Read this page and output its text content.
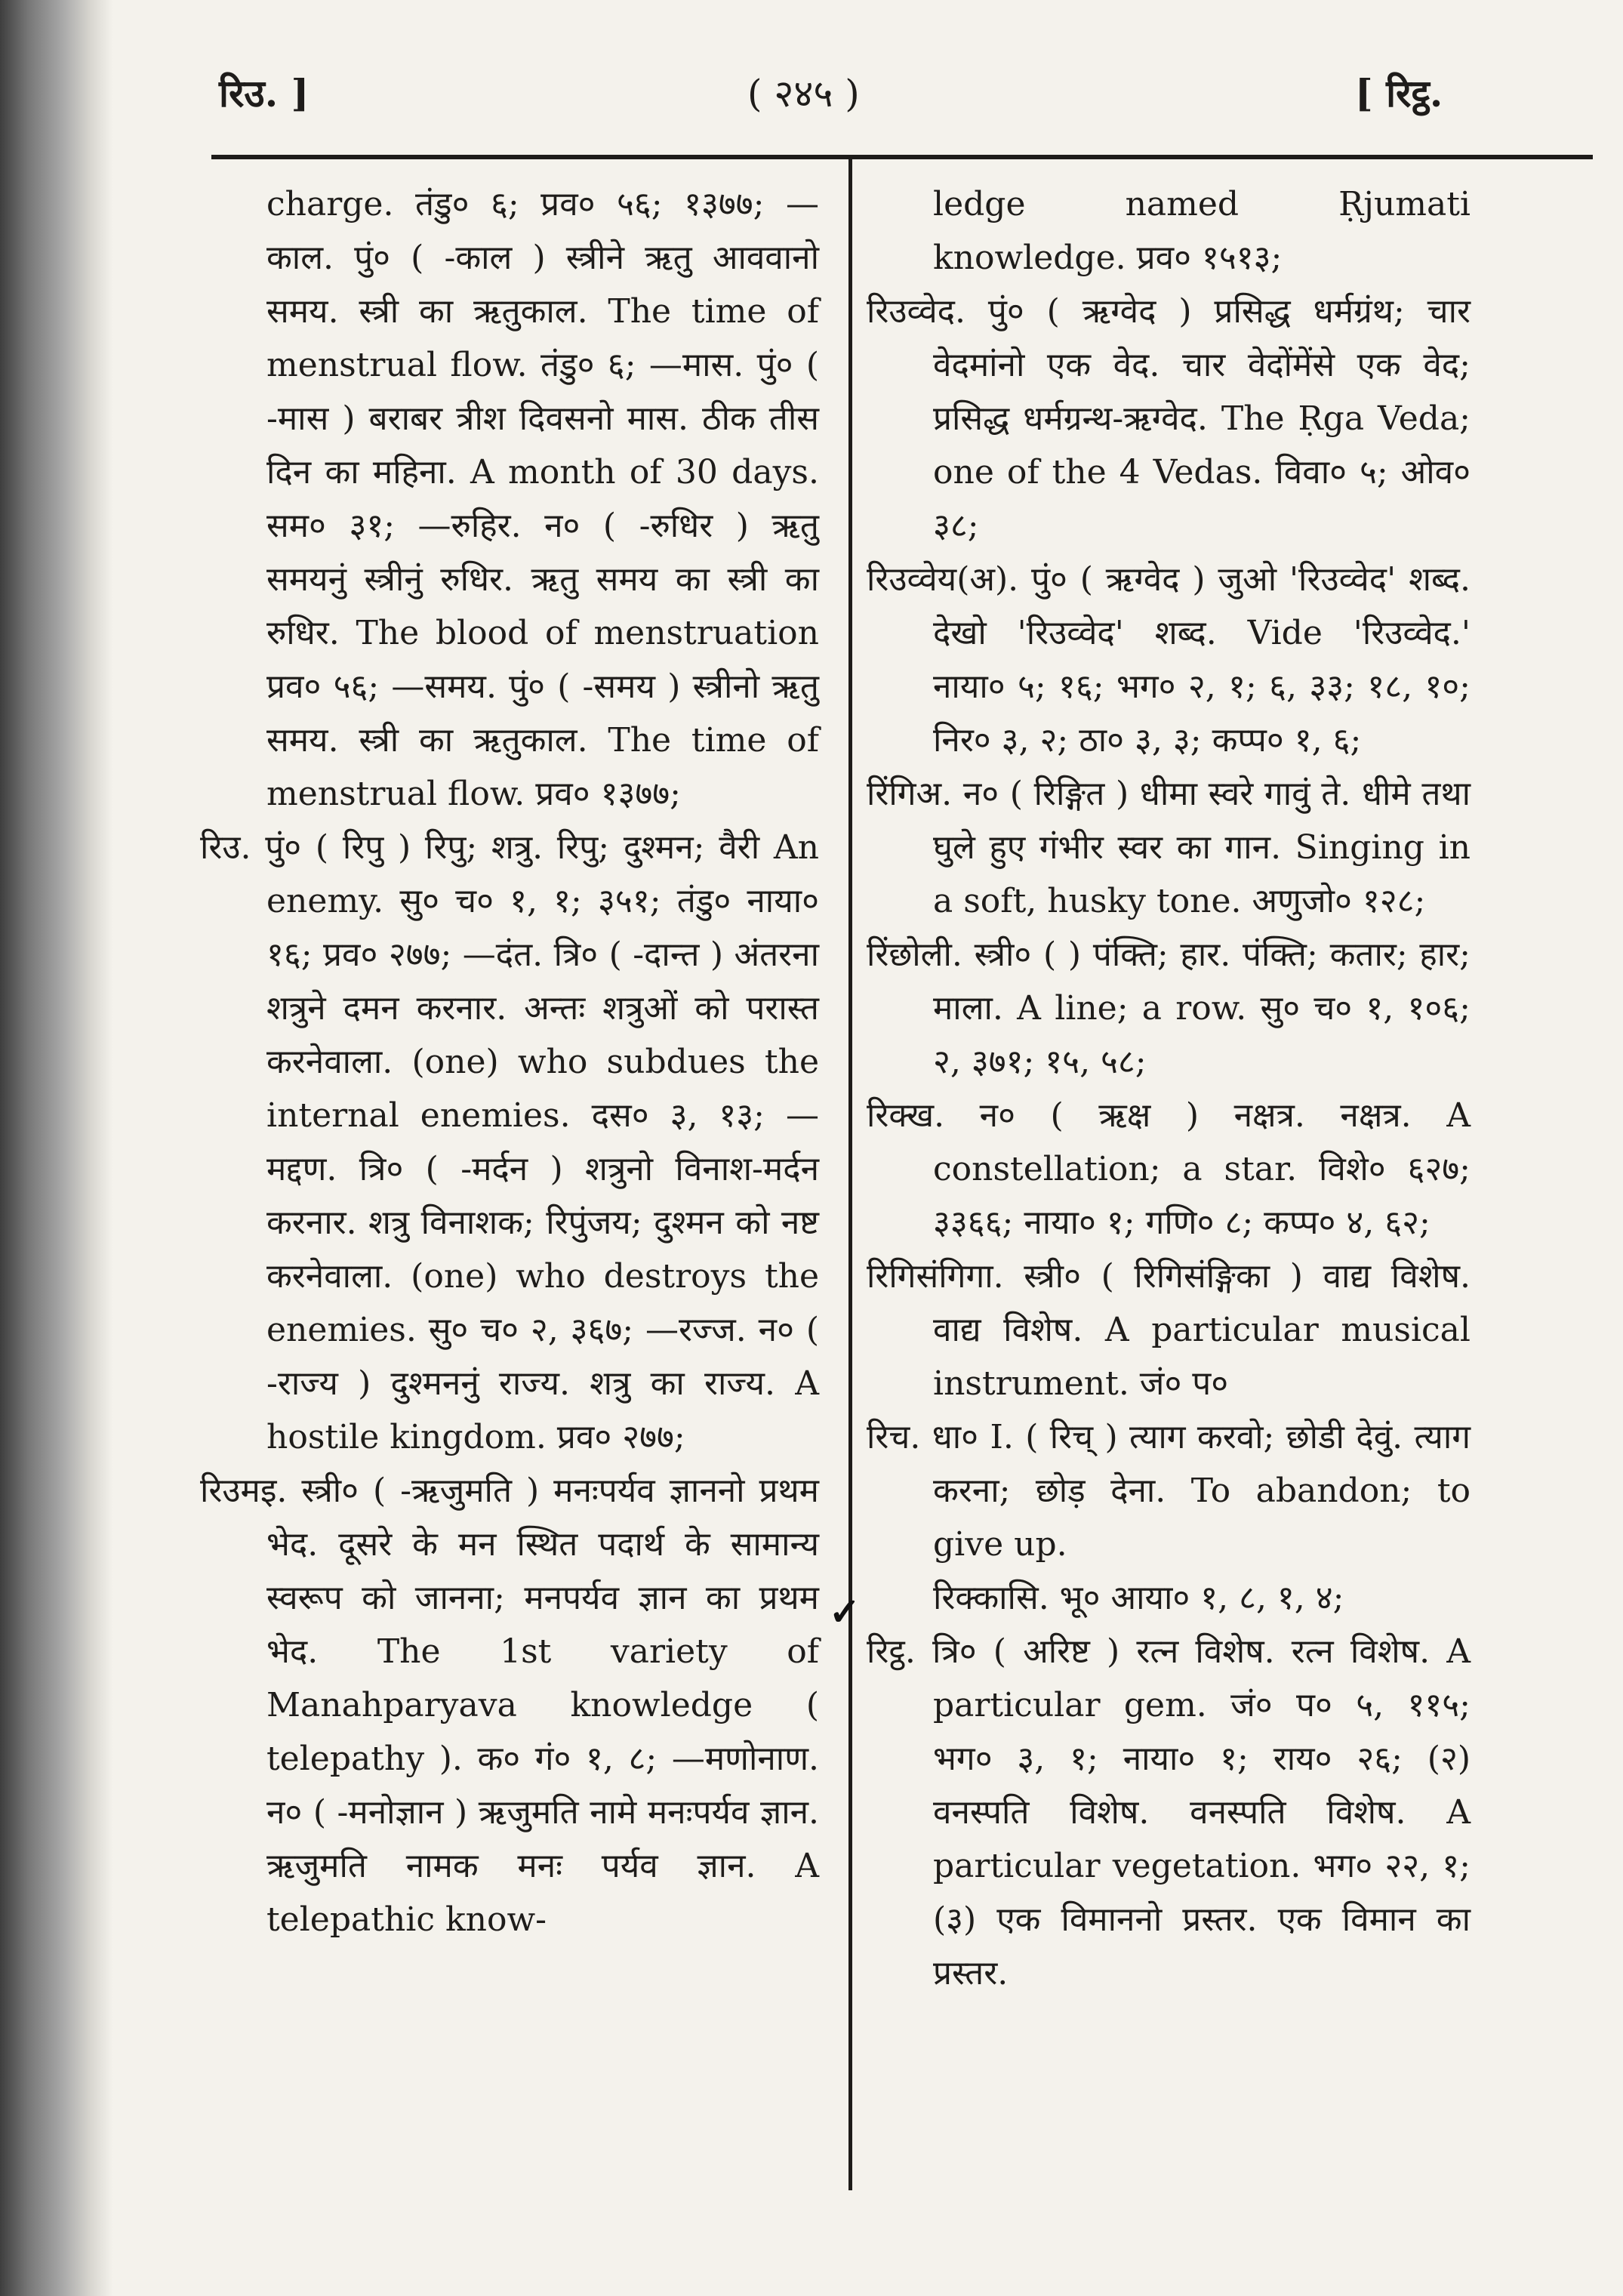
रिउ. ]	( २४५ )	[ रिट्ठ.

charge. तंडु० ६; प्रव० ५६; १३७७; —काल. पुं० ( -काल ) स्त्रीने ऋतु आववानो समय. स्त्री का ऋतुकाल. The time of menstrual flow. तंडु० ६; —मास. पुं० ( -मास ) बराबर त्रीश दिवसनो मास. ठीक तीस दिन का महिना. A month of 30 days. सम० ३१; —रुहिर. न० ( -रुधिर ) ऋतु समयनुं स्त्रीनुं रुधिर. ऋतु समय का स्त्री का रुधिर. The blood of menstruation प्रव० ५६; —समय. पुं० ( -समय ) स्त्रीनो ऋतु समय. स्त्री का ऋतुकाल. The time of menstrual flow. प्रव० १३७७;

रिउ. पुं० ( रिपु ) रिपु; शत्रु. रिपु; दुश्मन; वैरी An enemy. सु० च० १, १; ३५१; तंडु० नाया० १६; प्रव० २७७; —दंत. त्रि० ( -दान्त ) अंतरना शत्रुने दमन करनार. अन्तः शत्रुओं को परास्त करनेवाला. (one) who subdues the internal enemies. दस० ३, १३; —मद्दण. त्रि० ( -मर्दन ) शत्रुनो विनाश-मर्दन करनार. शत्रु विनाशक; रिपुंजय; दुश्मन को नष्ट करनेवाला. (one) who destroys the enemies. सु० च० २, ३६७; —रज्ज. न० ( -राज्य ) दुश्मननुं राज्य. शत्रु का राज्य. A hostile kingdom. प्रव० २७७;

रिउमइ. स्त्री० ( -ऋजुमति ) मनःपर्यव ज्ञाननो प्रथम भेद. दूसरे के मन स्थित पदार्थ के सामान्य स्वरूप को जानना; मनपर्यव ज्ञान का प्रथम भेद. The 1st variety of Manahparyava knowledge ( telepathy ). क० गं० १, ८; —मणोनाण. न० ( -मनोज्ञान ) ऋजुमति नामे मनःपर्यव ज्ञान. ऋजुमति नामक मनः पर्यव ज्ञान. A telepathic know-

ledge named Ṛjumati knowledge. प्रव० १५१३;

रिउव्वेद. पुं० ( ऋग्वेद ) प्रसिद्ध धर्मग्रंथ; चार वेदमांनो एक वेद. चार वेदोंमेंसे एक वेद; प्रसिद्ध धर्मग्रन्थ-ऋग्वेद. The Ṛga Veda; one of the 4 Vedas. विवा० ५; ओव० ३८;

रिउव्वेय(अ). पुं० ( ऋग्वेद ) जुओ 'रिउव्वेद' शब्द. देखो 'रिउव्वेद' शब्द. Vide 'रिउव्वेद.' नाया० ५; १६; भग० २, १; ६, ३३; १८, १०; निर० ३, २; ठा० ३, ३; कप्प० १, ६;

रिंगिअ. न० ( रिङ्गित ) धीमा स्वरे गावुं ते. धीमे तथा घुले हुए गंभीर स्वर का गान. Singing in a soft, husky tone. अणुजो० १२८;

रिंछोली. स्त्री० ( ) पंक्ति; हार. पंक्ति; कतार; हार; माला. A line; a row. सु० च० १, १०६; २, ३७१; १५, ५८;

रिक्ख. न० ( ऋक्ष ) नक्षत्र. नक्षत्र. A constellation; a star. विशे० ६२७; ३३६६; नाया० १; गणि० ८; कप्प० ४, ६२;

रिगिसंगिगा. स्त्री० ( रिगिसंङ्गिका ) वाद्य विशेष. वाद्य विशेष. A particular musical instrument. जं० प०

रिच. धा० I. ( रिच् ) त्याग करवो; छोडी देवुं. त्याग करना; छोड़ देना. To abandon; to give up.

रिक्कासि. भू० आया० १, ८, १, ४;

रिट्ठ. त्रि० ( अरिष्ट ) रत्न विशेष. रत्न विशेष. A particular gem. जं० प० ५, ११५; भग० ३, १; नाया० १; राय० २६; (२) वनस्पति विशेष. वनस्पति विशेष. A particular vegetation. भग० २२, १; (३) एक विमाननो प्रस्तर. एक विमान का प्रस्तर.

✓
